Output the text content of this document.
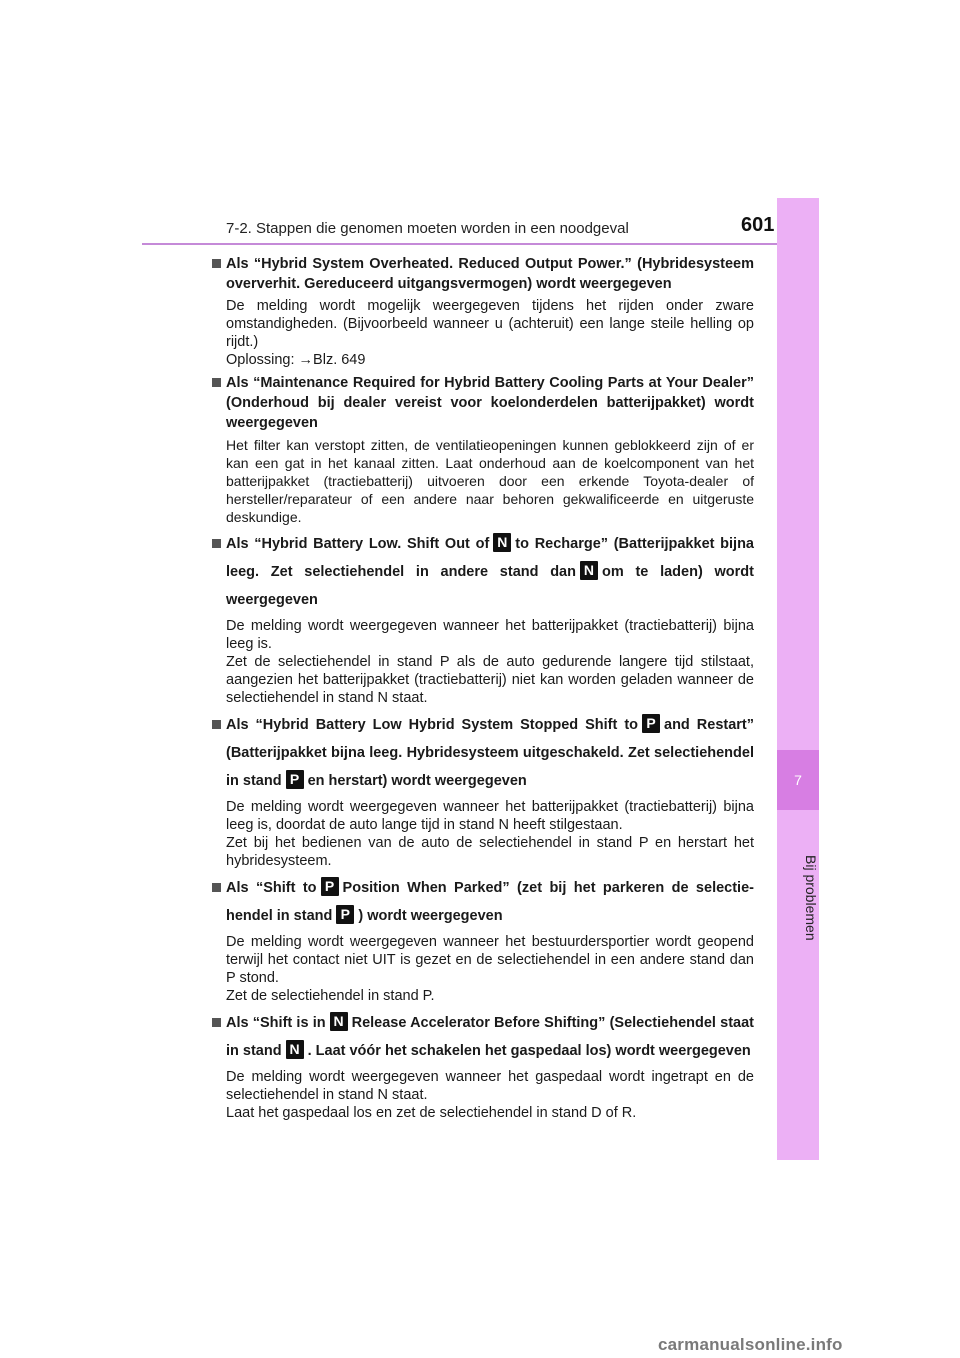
7-2. Stappen die genomen moeten worden in een noodgeval	601
7
Bij problemen
Als “Hybrid System Overheated. Reduced Output Power.” (Hybridesysteem oververhit. Gereduceerd uitgangsvermogen) wordt weergegeven

De melding wordt mogelijk weergegeven tijdens het rijden onder zware omstandigheden. (Bijvoorbeeld wanneer u (achteruit) een lange steile helling op rijdt.)

Oplossing: →Blz. 649

Als “Maintenance Required for Hybrid Battery Cooling Parts at Your Dealer” (Onderhoud bij dealer vereist voor koelonderdelen batterijpakket) wordt weergegeven

Het filter kan verstopt zitten, de ventilatieopeningen kunnen geblokkeerd zijn of er kan een gat in het kanaal zitten. Laat onderhoud aan de koelcomponent van het batterijpakket (tractiebatterij) uitvoeren door een erkende Toyota-dealer of hersteller/reparateur of een andere naar behoren gekwalificeerde en uitgeruste deskundige.

Als “Hybrid Battery Low. Shift Out of N to Recharge” (Batterijpakket bijna leeg. Zet selectiehendel in andere stand dan N om te laden) wordt weergegeven

De melding wordt weergegeven wanneer het batterijpakket (tractiebatterij) bijna leeg is.

Zet de selectiehendel in stand P als de auto gedurende langere tijd stilstaat, aangezien het batterijpakket (tractiebatterij) niet kan worden geladen wanneer de selectiehendel in stand N staat.

Als “Hybrid Battery Low Hybrid System Stopped Shift to P and Restart” (Batterijpakket bijna leeg. Hybridesysteem uitgeschakeld. Zet selectiehendel in stand P en herstart) wordt weergegeven

De melding wordt weergegeven wanneer het batterijpakket (tractiebatterij) bijna leeg is, doordat de auto lange tijd in stand N heeft stilgestaan.

Zet bij het bedienen van de auto de selectiehendel in stand P en herstart het hybridesysteem.

Als “Shift to P Position When Parked” (zet bij het parkeren de selectiehendel in stand P ) wordt weergegeven

De melding wordt weergegeven wanneer het bestuurdersportier wordt geopend terwijl het contact niet UIT is gezet en de selectiehendel in een andere stand dan P stond.

Zet de selectiehendel in stand P.

Als “Shift is in N Release Accelerator Before Shifting” (Selectiehendel staat in stand N . Laat vóór het schakelen het gaspedaal los) wordt weergegeven

De melding wordt weergegeven wanneer het gaspedaal wordt ingetrapt en de selectiehendel in stand N staat.

Laat het gaspedaal los en zet de selectiehendel in stand D of R.

carmanualsonline.info
